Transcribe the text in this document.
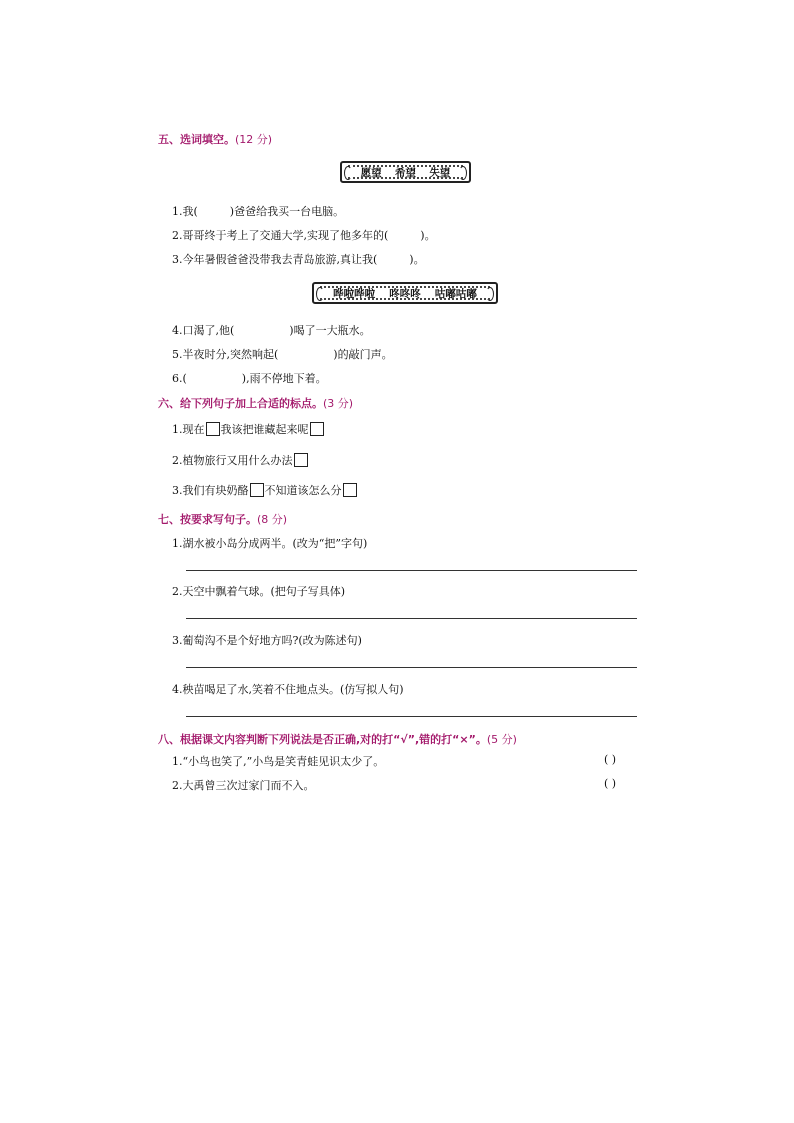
五、选词填空。(12 分)
愿望 希望 失望
1.我(	)爸爸给我买一台电脑。
2.哥哥终于考上了交通大学,实现了他多年的(	)。
3.今年暑假爸爸没带我去青岛旅游,真让我(	)。
哗啦哗啦 咚咚咚 咕嘟咕嘟
4.口渴了,他(	)喝了一大瓶水。
5.半夜时分,突然响起(	)的敲门声。
6.(	),雨不停地下着。
六、给下列句子加上合适的标点。(3 分)
1.现在 我该把谁藏起来呢
2.植物旅行又用什么办法
3.我们有块奶酪 不知道该怎么分
七、按要求写句子。(8 分)
1.湖水被小岛分成两半。(改为“把”字句)
2.天空中飘着气球。(把句子写具体)
3.葡萄沟不是个好地方吗?(改为陈述句)
4.秧苗喝足了水,笑着不住地点头。(仿写拟人句)
八、根据课文内容判断下列说法是否正确,对的打“√”,错的打“×”。(5 分)
1.“小鸟也笑了,”小鸟是笑青蛙见识太少了。	( )
2.大禹曾三次过家门而不入。	( )
